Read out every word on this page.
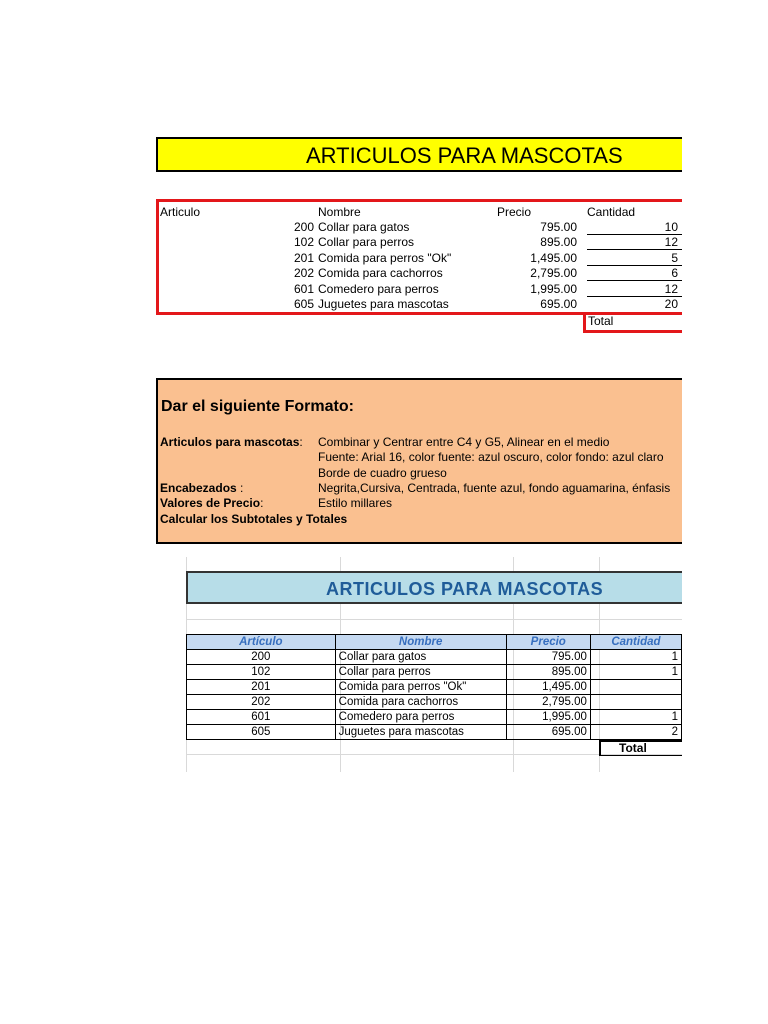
ARTICULOS PARA MASCOTAS
Articulo	Nombre	Precio	Cantidad
200 Collar para gatos	795.00	10
102 Collar para perros	895.00	12
201 Comida para perros "Ok"	1,495.00	5
202 Comida para cachorros	2,795.00	6
601 Comedero para perros	1,995.00	12
605 Juguetes para mascotas	695.00	20
Total
Dar el siguiente Formato:
Articulos para mascotas: Combinar y Centrar entre C4 y G5, Alinear en el medio
Fuente: Arial 16, color fuente: azul oscuro, color fondo: azul claro
Borde de cuadro grueso
Encabezados :	Negrita,Cursiva, Centrada, fuente azul, fondo aguamarina, énfasis
Valores de Precio:	Estilo millares
Calcular los Subtotales y Totales
ARTICULOS PARA MASCOTAS
Artículo	Nombre	Precio	Cantidad
200	Collar para gatos	795.00	1
102	Collar para perros	895.00	1
201	Comida para perros "Ok"	1,495.00	
202	Comida para cachorros	2,795.00	
601	Comedero para perros	1,995.00	1
605	Juguetes para mascotas	695.00	2
Total
